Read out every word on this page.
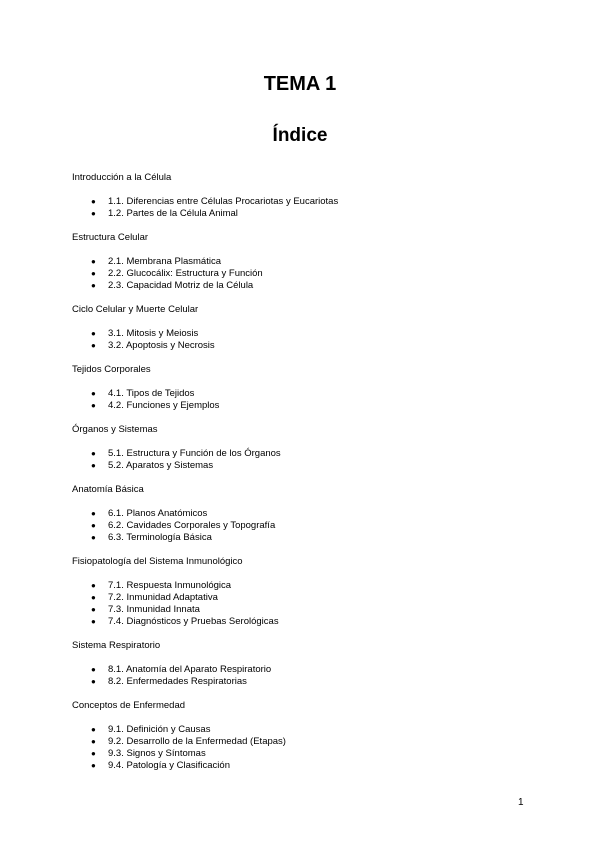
TEMA 1
Índice
Introducción a la Célula
● 1.1. Diferencias entre Células Procariotas y Eucariotas
● 1.2. Partes de la Célula Animal
Estructura Celular
● 2.1. Membrana Plasmática
● 2.2. Glucocálix: Estructura y Función
● 2.3. Capacidad Motriz de la Célula
Ciclo Celular y Muerte Celular
● 3.1. Mitosis y Meiosis
● 3.2. Apoptosis y Necrosis
Tejidos Corporales
● 4.1. Tipos de Tejidos
● 4.2. Funciones y Ejemplos
Órganos y Sistemas
● 5.1. Estructura y Función de los Órganos
● 5.2. Aparatos y Sistemas
Anatomía Básica
● 6.1. Planos Anatómicos
● 6.2. Cavidades Corporales y Topografía
● 6.3. Terminología Básica
Fisiopatología del Sistema Inmunológico
● 7.1. Respuesta Inmunológica
● 7.2. Inmunidad Adaptativa
● 7.3. Inmunidad Innata
● 7.4. Diagnósticos y Pruebas Serológicas
Sistema Respiratorio
● 8.1. Anatomía del Aparato Respiratorio
● 8.2. Enfermedades Respiratorias
Conceptos de Enfermedad
● 9.1. Definición y Causas
● 9.2. Desarrollo de la Enfermedad (Etapas)
● 9.3. Signos y Síntomas
● 9.4. Patología y Clasificación
1
